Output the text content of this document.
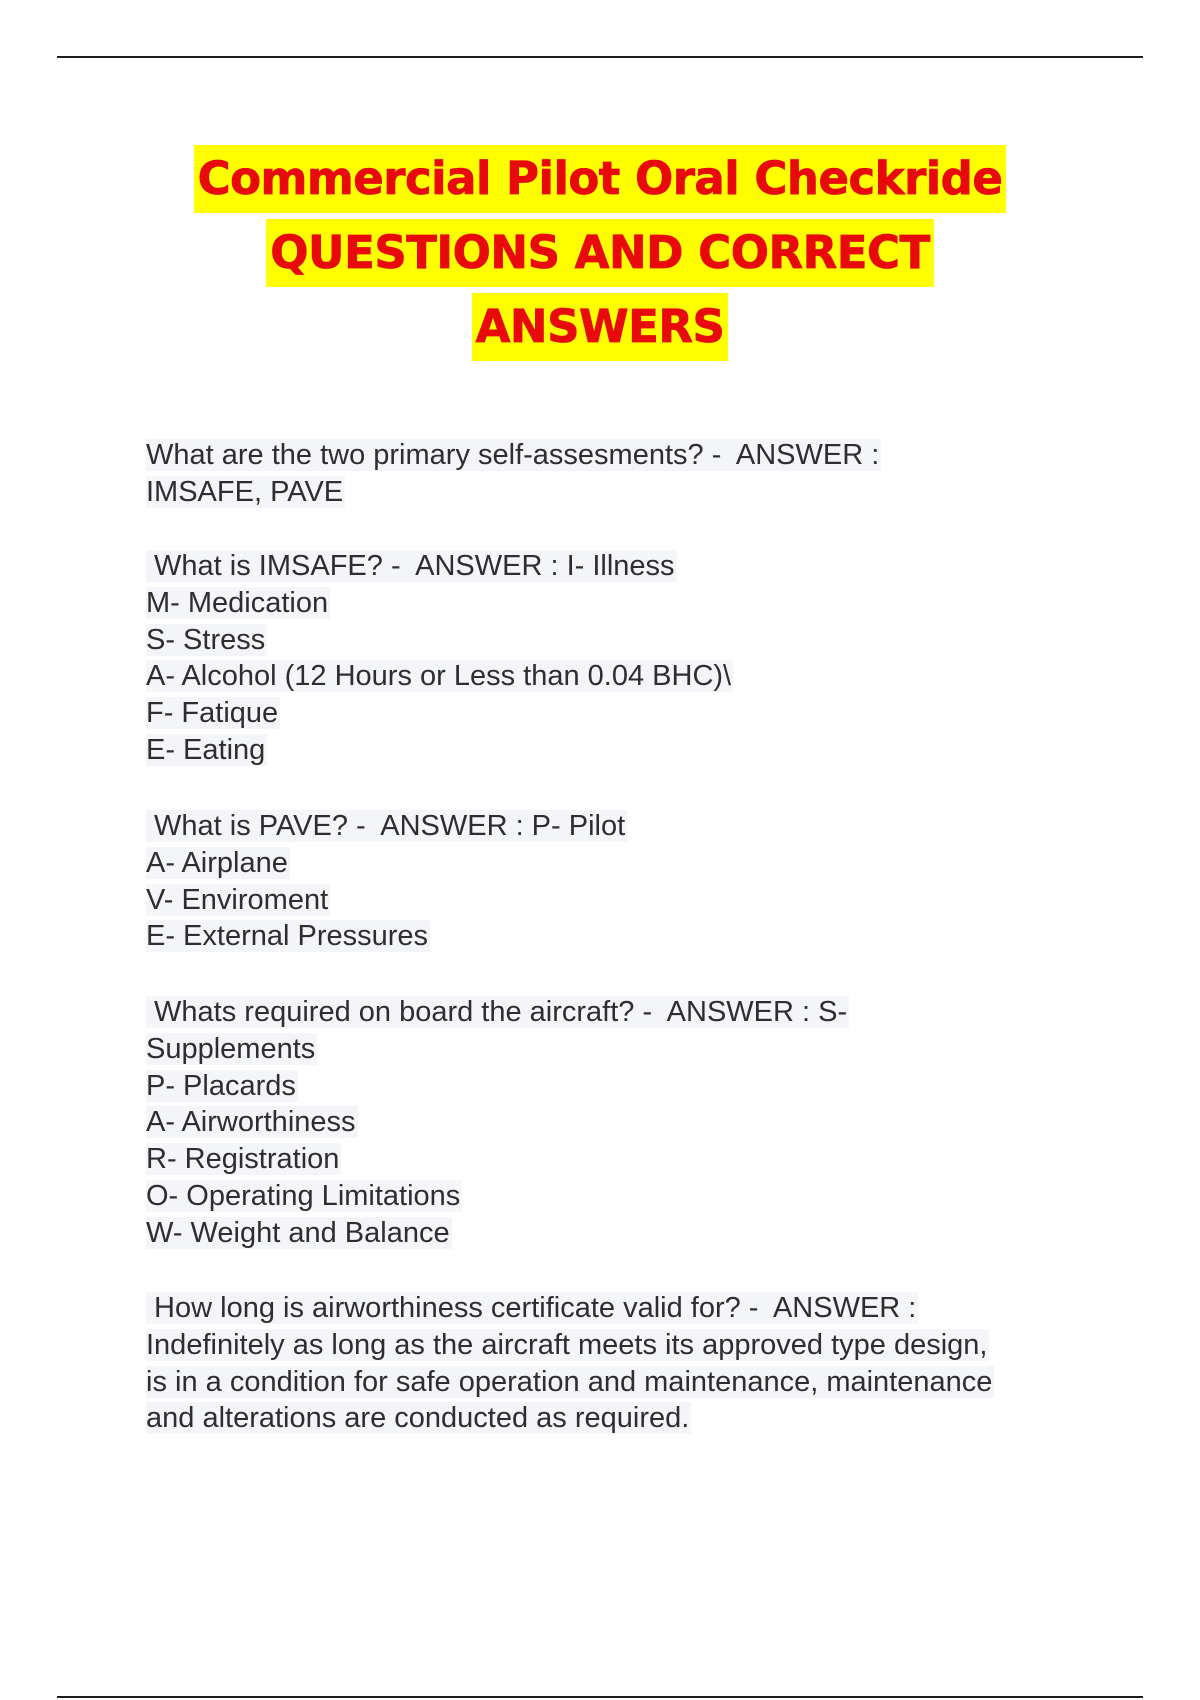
Commercial Pilot Oral Checkride
QUESTIONS AND CORRECT
ANSWERS
What are the two primary self-assesments? -  ANSWER :
IMSAFE, PAVE
What is IMSAFE? -  ANSWER : I- Illness
M- Medication
S- Stress
A- Alcohol (12 Hours or Less than 0.04 BHC)\
F- Fatique
E- Eating
What is PAVE? -  ANSWER : P- Pilot
A- Airplane
V- Enviroment
E- External Pressures
Whats required on board the aircraft? -  ANSWER : S-
Supplements
P- Placards
A- Airworthiness
R- Registration
O- Operating Limitations
W- Weight and Balance
How long is airworthiness certificate valid for? -  ANSWER :
Indefinitely as long as the aircraft meets its approved type design,
is in a condition for safe operation and maintenance, maintenance
and alterations are conducted as required.
